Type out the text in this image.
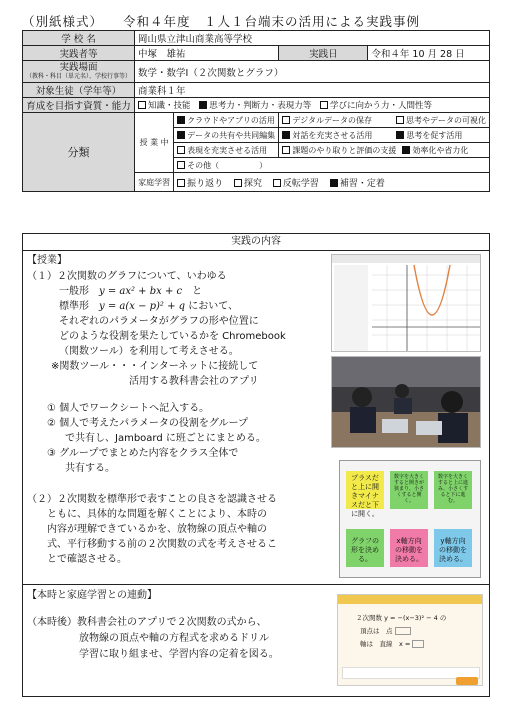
（別紙様式） 令和４年度　１人１台端末の活用による実践事例
学 校 名	岡山県立津山商業高等学校			
実践者等	中塚　雄祐		実践日	令和４年 10 月 28 日

実践場面
（教科・科目（単元名）、学校行事等）	数学・数学Ⅰ（２次関数とグラフ）			
対象生徒（学年等）	商業科１年			
育成を目指す資質・能力	知識・技能 思考力・判断力・表現力等 学びに向かう力・人間性等			
分類	授 業 中	クラウドやアプリの活用	デジタルデータの保存 思考やデータの可視化	
		データの共有や共同編集	対話を充実させる活用 思考を促す活用	
		表現を充実させる活用	課題のやり取りと評価の支援 効率化や省力化	
		その他（　　　　　）		
	家庭学習	振り返り 探究 反転学習 補習・定着		
実践の内容
【授業】
（１）２次関数のグラフについて、いわゆる
一般形　 y = ax² + bx + c　 と
標準形　 y = a(x − p)² + q において、
それぞれのパラメータがグラフの形や位置に
どのような役割を果たしているかを Chromebook
（関数ツール）を利用して考えさせる。
※関数ツール・・・インターネットに接続して
活用する教科書会社のアプリ
① 個人でワークシートへ記入する。
② 個人で考えたパラメータの役割をグループ
で共有し、Jamboard に班ごとにまとめる。
③ グループでまとめた内容をクラス全体で
共有する。
（２）２次関数を標準形で表すことの良さを認識させる
ともに、具体的な問題を解くことにより、本時の
内容が理解できているかを、放物線の頂点や軸の
式、平行移動する前の２次関数の式を考えさせるこ
とで確認させる。
【本時と家庭学習との連動】
（本時後）教科書会社のアプリで２次関数の式から、
放物線の頂点や軸の方程式を求めるドリル
学習に取り組ませ、学習内容の定着を図る。
プラスだと上に開きマイナスだと下に開く。
数字を大きくすると開きが狭まり、小さくすると開く。
数字を大きくすると上に進み、小さくすると下に進む。
グラフの形を決める。
x軸方向の移動を決める。
y軸方向の移動を決める。
２次関数 y = −(x−3)² − 4 の
頂点は　点
軸は　直線　x =
